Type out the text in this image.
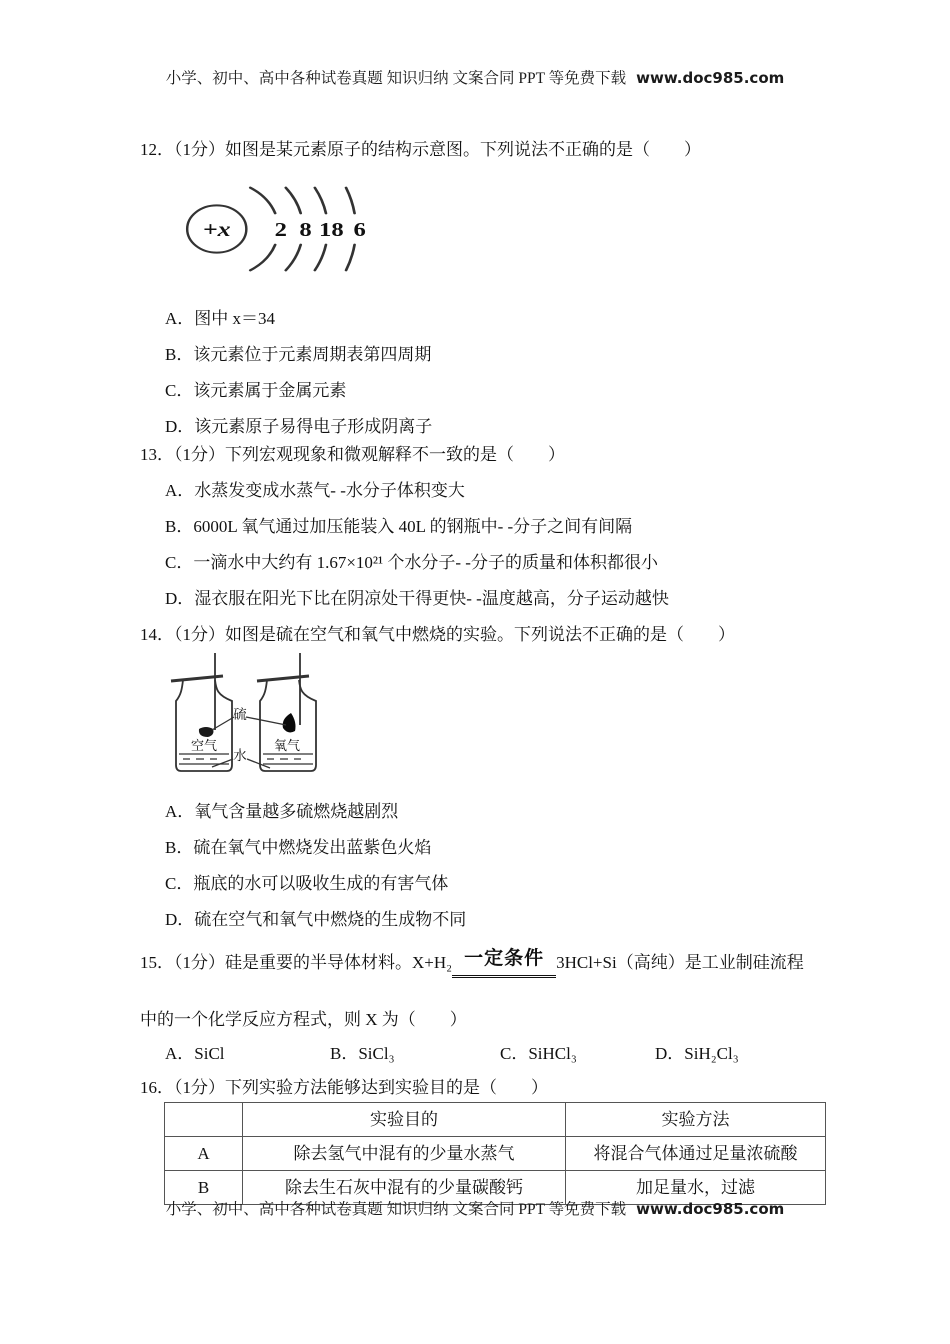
小学、初中、高中各种试卷真题 知识归纳 文案合同 PPT 等免费下载 www.doc985.com
12．（1分）如图是某元素原子的结构示意图。下列说法不正确的是（　　）
+x 2 8 18 6
A．图中 x＝34
B．该元素位于元素周期表第四周期
C．该元素属于金属元素
D．该元素原子易得电子形成阴离子
13．（1分）下列宏观现象和微观解释不一致的是（　　）
A．水蒸发变成水蒸气- -水分子体积变大
B．6000L 氧气通过加压能装入 40L 的钢瓶中- -分子之间有间隔
C．一滴水中大约有 1.67×10²¹ 个水分子- -分子的质量和体积都很小
D．湿衣服在阳光下比在阴凉处干得更快- -温度越高，分子运动越快
14．（1分）如图是硫在空气和氧气中燃烧的实验。下列说法不正确的是（　　）
空气	氧气
硫
水
A．氧气含量越多硫燃烧越剧烈
B．硫在氧气中燃烧发出蓝紫色火焰
C．瓶底的水可以吸收生成的有害气体
D．硫在空气和氧气中燃烧的生成物不同
15．（1分）硅是重要的半导体材料。X+H₂ 一定条件 3HCl+Si（高纯）是工业制硅流程
中的一个化学反应方程式，则 X 为（　　）
A．SiCl	B．SiCl₃	C．SiHCl₃	D．SiH₂Cl₃
16．（1分）下列实验方法能够达到实验目的是（　　）
	实验目的	实验方法
A	除去氢气中混有的少量水蒸气	将混合气体通过足量浓硫酸
B	除去生石灰中混有的少量碳酸钙	加足量水，过滤
小学、初中、高中各种试卷真题 知识归纳 文案合同 PPT 等免费下载 www.doc985.com
